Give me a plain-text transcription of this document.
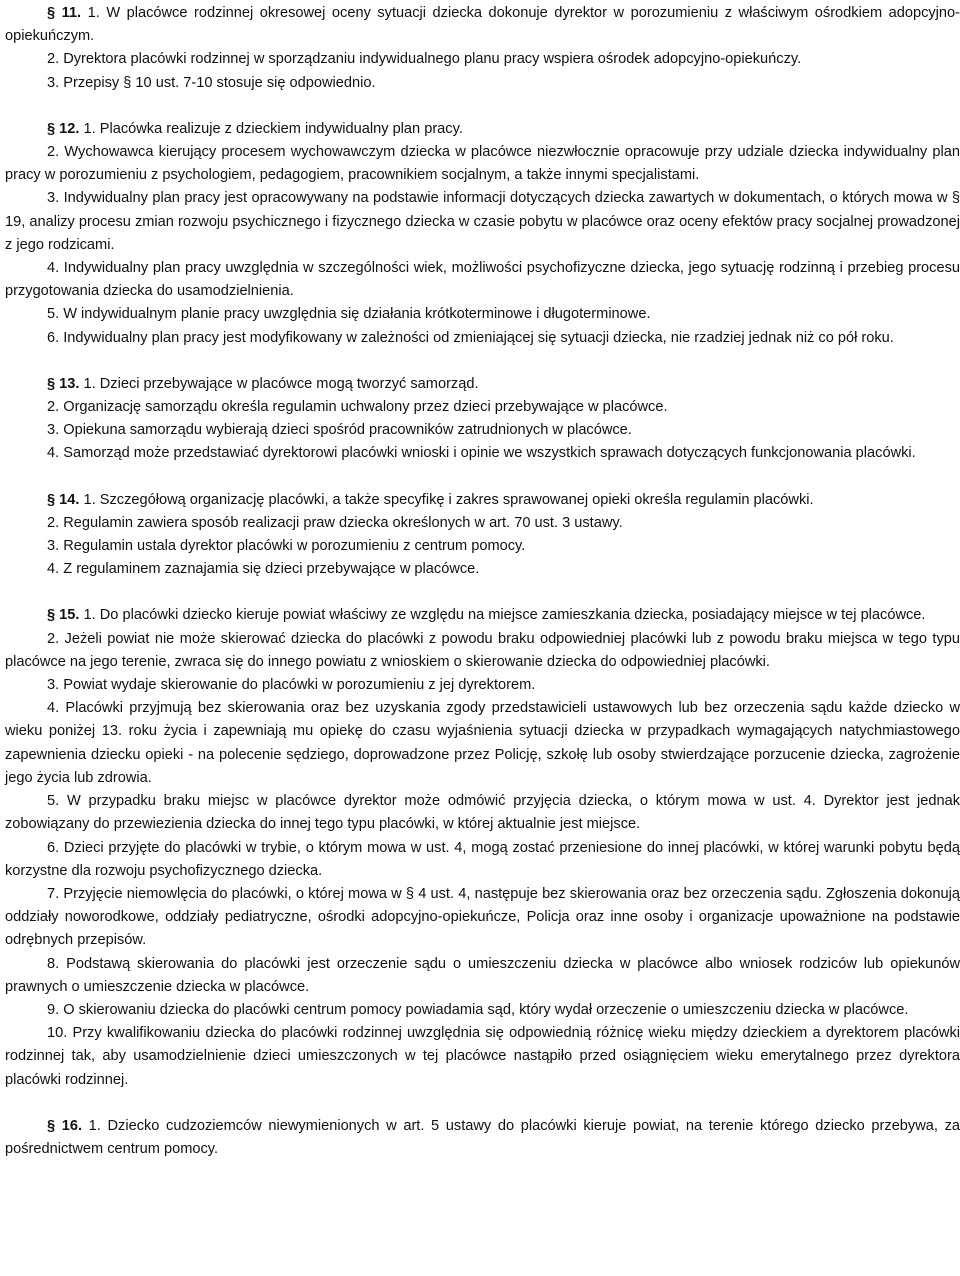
§ 11. 1. W placówce rodzinnej okresowej oceny sytuacji dziecka dokonuje dyrektor w porozumieniu z właściwym ośrodkiem adopcyjno-opiekuńczym.
2. Dyrektora placówki rodzinnej w sporządzaniu indywidualnego planu pracy wspiera ośrodek adopcyjno-opiekuńczy.
3. Przepisy § 10 ust. 7-10 stosuje się odpowiednio.
§ 12. 1. Placówka realizuje z dzieckiem indywidualny plan pracy.
2. Wychowawca kierujący procesem wychowawczym dziecka w placówce niezwłocznie opracowuje przy udziale dziecka indywidualny plan pracy w porozumieniu z psychologiem, pedagogiem, pracownikiem socjalnym, a także innymi specjalistami.
3. Indywidualny plan pracy jest opracowywany na podstawie informacji dotyczących dziecka zawartych w dokumentach, o których mowa w § 19, analizy procesu zmian rozwoju psychicznego i fizycznego dziecka w czasie pobytu w placówce oraz oceny efektów pracy socjalnej prowadzonej z jego rodzicami.
4. Indywidualny plan pracy uwzględnia w szczególności wiek, możliwości psychofizyczne dziecka, jego sytuację rodzinną i przebieg procesu przygotowania dziecka do usamodzielnienia.
5. W indywidualnym planie pracy uwzględnia się działania krótkoterminowe i długoterminowe.
6. Indywidualny plan pracy jest modyfikowany w zależności od zmieniającej się sytuacji dziecka, nie rzadziej jednak niż co pół roku.
§ 13. 1. Dzieci przebywające w placówce mogą tworzyć samorząd.
2. Organizację samorządu określa regulamin uchwalony przez dzieci przebywające w placówce.
3. Opiekuna samorządu wybierają dzieci spośród pracowników zatrudnionych w placówce.
4. Samorząd może przedstawiać dyrektorowi placówki wnioski i opinie we wszystkich sprawach dotyczących funkcjonowania placówki.
§ 14. 1. Szczegółową organizację placówki, a także specyfikę i zakres sprawowanej opieki określa regulamin placówki.
2. Regulamin zawiera sposób realizacji praw dziecka określonych w art. 70 ust. 3 ustawy.
3. Regulamin ustala dyrektor placówki w porozumieniu z centrum pomocy.
4. Z regulaminem zaznajamia się dzieci przebywające w placówce.
§ 15. 1. Do placówki dziecko kieruje powiat właściwy ze względu na miejsce zamieszkania dziecka, posiadający miejsce w tej placówce.
2. Jeżeli powiat nie może skierować dziecka do placówki z powodu braku odpowiedniej placówki lub z powodu braku miejsca w tego typu placówce na jego terenie, zwraca się do innego powiatu z wnioskiem o skierowanie dziecka do odpowiedniej placówki.
3. Powiat wydaje skierowanie do placówki w porozumieniu z jej dyrektorem.
4. Placówki przyjmują bez skierowania oraz bez uzyskania zgody przedstawicieli ustawowych lub bez orzeczenia sądu każde dziecko w wieku poniżej 13. roku życia i zapewniają mu opiekę do czasu wyjaśnienia sytuacji dziecka w przypadkach wymagających natychmiastowego zapewnienia dziecku opieki - na polecenie sędziego, doprowadzone przez Policję, szkołę lub osoby stwierdzające porzucenie dziecka, zagrożenie jego życia lub zdrowia.
5. W przypadku braku miejsc w placówce dyrektor może odmówić przyjęcia dziecka, o którym mowa w ust. 4. Dyrektor jest jednak zobowiązany do przewiezienia dziecka do innej tego typu placówki, w której aktualnie jest miejsce.
6. Dzieci przyjęte do placówki w trybie, o którym mowa w ust. 4, mogą zostać przeniesione do innej placówki, w której warunki pobytu będą korzystne dla rozwoju psychofizycznego dziecka.
7. Przyjęcie niemowlęcia do placówki, o której mowa w § 4 ust. 4, następuje bez skierowania oraz bez orzeczenia sądu. Zgłoszenia dokonują oddziały noworodkowe, oddziały pediatryczne, ośrodki adopcyjno-opiekuńcze, Policja oraz inne osoby i organizacje upoważnione na podstawie odrębnych przepisów.
8. Podstawą skierowania do placówki jest orzeczenie sądu o umieszczeniu dziecka w placówce albo wniosek rodziców lub opiekunów prawnych o umieszczenie dziecka w placówce.
9. O skierowaniu dziecka do placówki centrum pomocy powiadamia sąd, który wydał orzeczenie o umieszczeniu dziecka w placówce.
10. Przy kwalifikowaniu dziecka do placówki rodzinnej uwzględnia się odpowiednią różnicę wieku między dzieckiem a dyrektorem placówki rodzinnej tak, aby usamodzielnienie dzieci umieszczonych w tej placówce nastąpiło przed osiągnięciem wieku emerytalnego przez dyrektora placówki rodzinnej.
§ 16. 1. Dziecko cudzoziemców niewymienionych w art. 5 ustawy do placówki kieruje powiat, na terenie którego dziecko przebywa, za pośrednictwem centrum pomocy.
